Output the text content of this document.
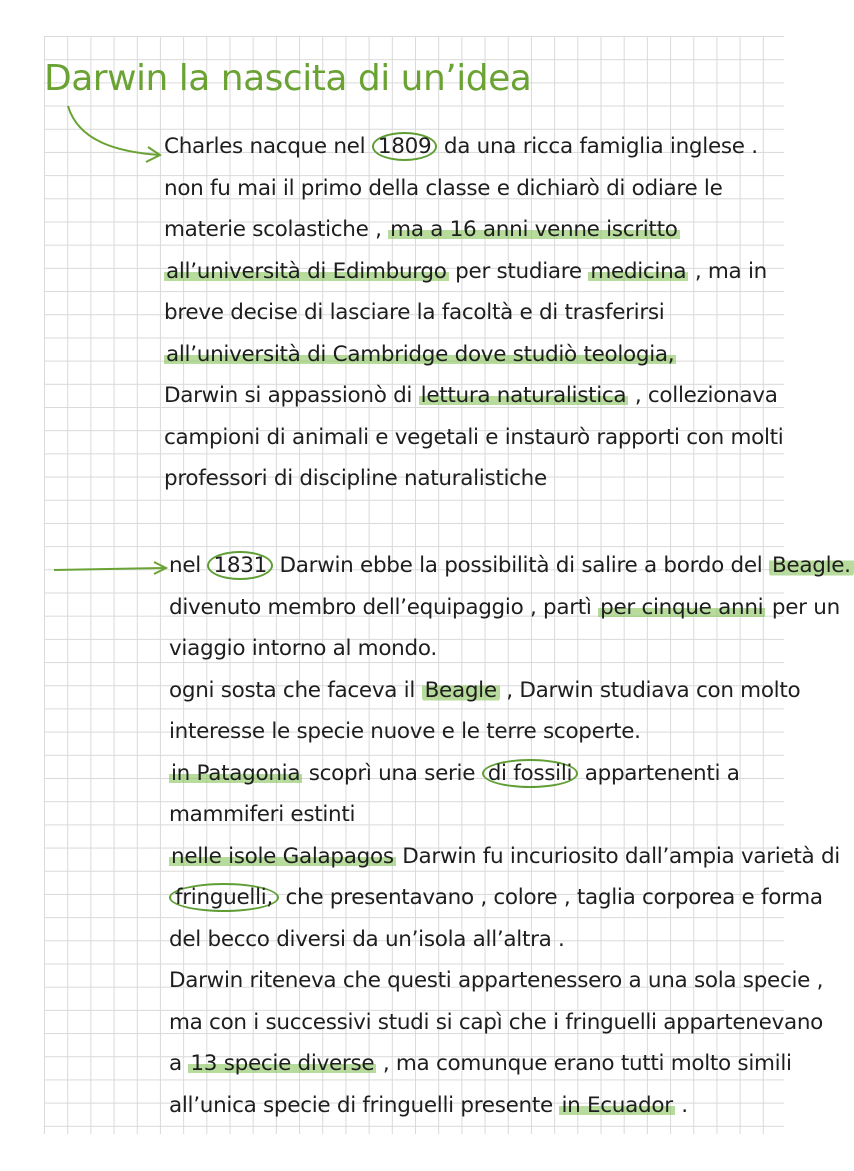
Darwin la nascita di un’idea
Charles nacque nel 1809 da una ricca famiglia inglese .
non fu mai il primo della classe e dichiarò di odiare le
materie scolastiche , ma a 16 anni venne iscritto
all’università di Edimburgo per studiare medicina , ma in
breve decise di lasciare la facoltà e di trasferirsi
all’università di Cambridge dove studiò teologia,
Darwin si appassionò di lettura naturalistica , collezionava
campioni di animali e vegetali e instaurò rapporti con molti
professori di discipline naturalistiche
nel 1831 Darwin ebbe la possibilità di salire a bordo del Beagle.
divenuto membro dell’equipaggio , partì per cinque anni per un
viaggio intorno al mondo.
ogni sosta che faceva il Beagle , Darwin studiava con molto
interesse le specie nuove e le terre scoperte.
in Patagonia scoprì una serie di fossili appartenenti a
mammiferi estinti
nelle isole Galapagos Darwin fu incuriosito dall’ampia varietà di
fringuelli, che presentavano , colore , taglia corporea e forma
del becco diversi da un’isola all’altra .
Darwin riteneva che questi appartenessero a una sola specie ,
ma con i successivi studi si capì che i fringuelli appartenevano
a 13 specie diverse , ma comunque erano tutti molto simili
all’unica specie di fringuelli presente in Ecuador .
